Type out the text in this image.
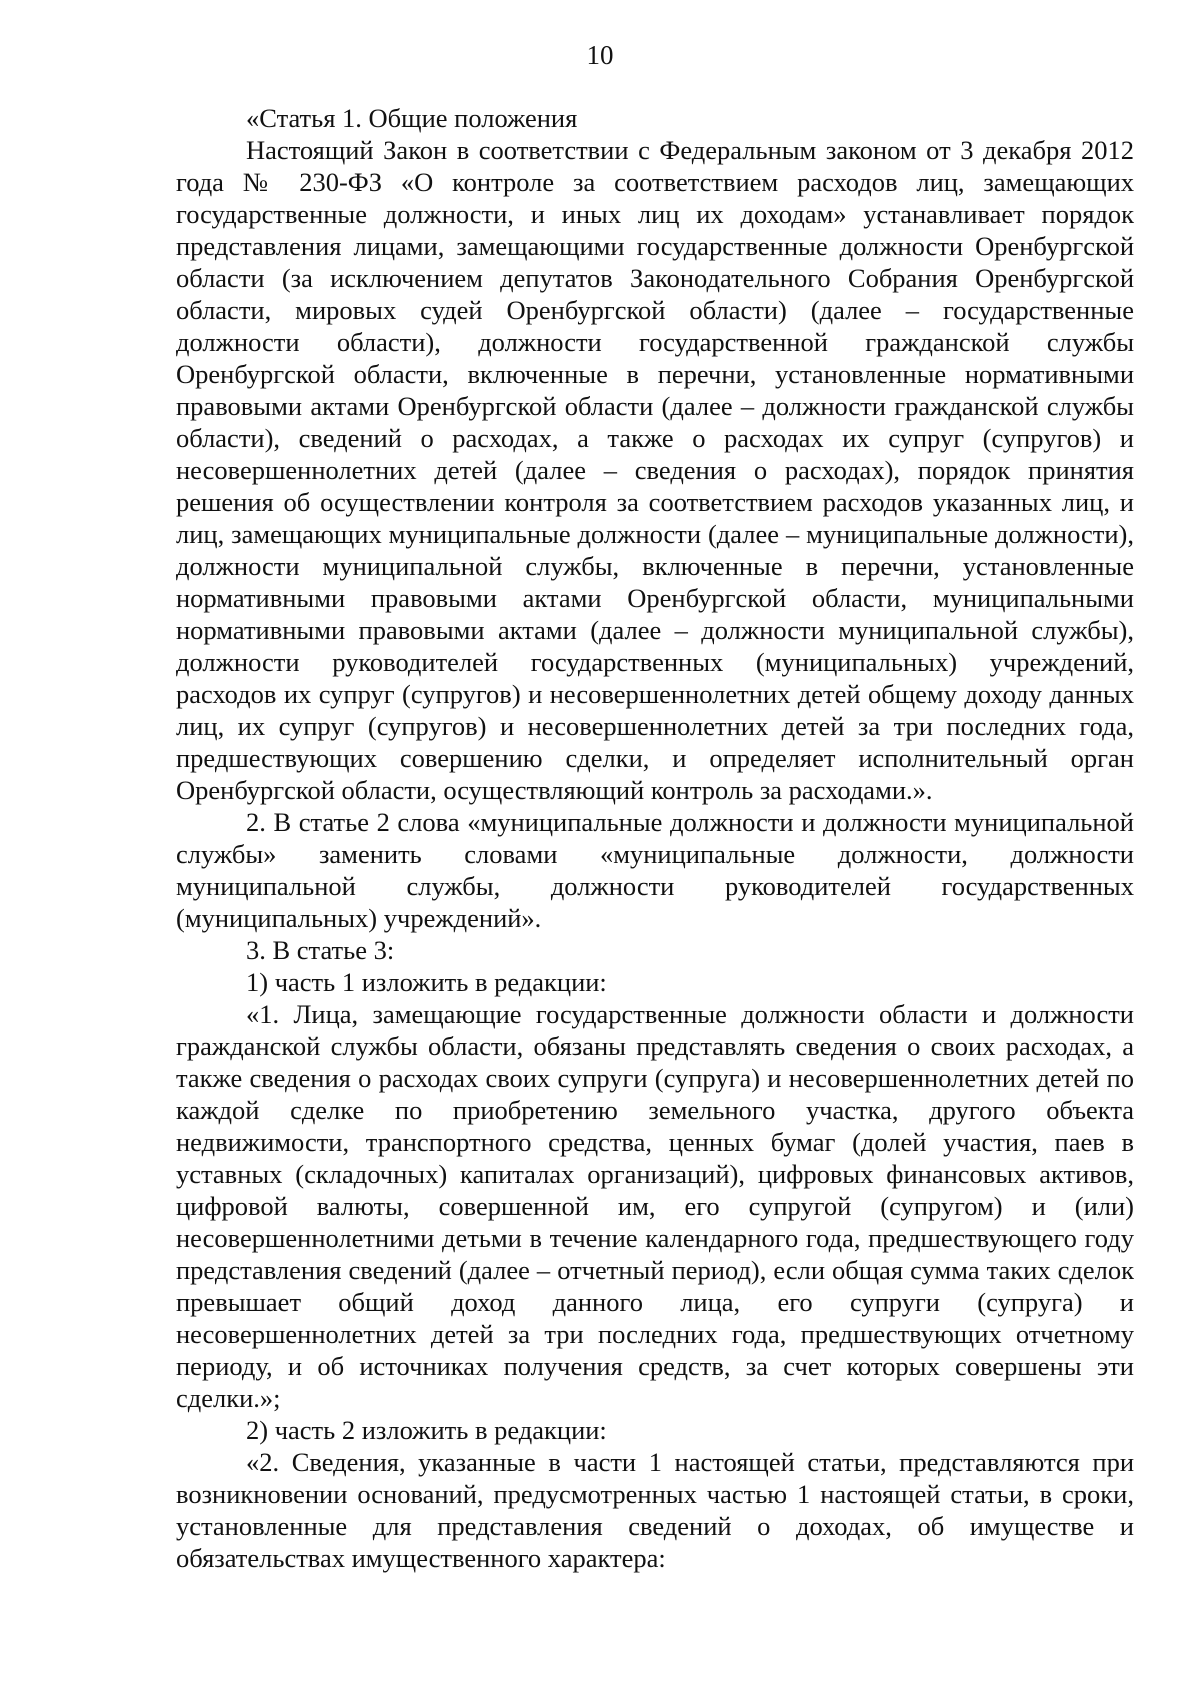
10

«Статья 1. Общие положения

Настоящий Закон в соответствии с Федеральным законом от 3 декабря 2012 года № 230-ФЗ «О контроле за соответствием расходов лиц, замещающих государственные должности, и иных лиц их доходам» устанавливает порядок представления лицами, замещающими государственные должности Оренбургской области (за исключением депутатов Законодательного Собрания Оренбургской области, мировых судей Оренбургской области) (далее – государственные должности области), должности государственной гражданской службы Оренбургской области, включенные в перечни, установленные нормативными правовыми актами Оренбургской области (далее – должности гражданской службы области), сведений о расходах, а также о расходах их супруг (супругов) и несовершеннолетних детей (далее – сведения о расходах), порядок принятия решения об осуществлении контроля за соответствием расходов указанных лиц, и лиц, замещающих муниципальные должности (далее – муниципальные должности), должности муниципальной службы, включенные в перечни, установленные нормативными правовыми актами Оренбургской области, муниципальными нормативными правовыми актами (далее – должности муниципальной службы), должности руководителей государственных (муниципальных) учреждений, расходов их супруг (супругов) и несовершеннолетних детей общему доходу данных лиц, их супруг (супругов) и несовершеннолетних детей за три последних года, предшествующих совершению сделки, и определяет исполнительный орган Оренбургской области, осуществляющий контроль за расходами.».

2. В статье 2 слова «муниципальные должности и должности муниципальной службы» заменить словами «муниципальные должности, должности муниципальной службы, должности руководителей государственных (муниципальных) учреждений».

3. В статье 3:

1) часть 1 изложить в редакции:

«1. Лица, замещающие государственные должности области и должности гражданской службы области, обязаны представлять сведения о своих расходах, а также сведения о расходах своих супруги (супруга) и несовершеннолетних детей по каждой сделке по приобретению земельного участка, другого объекта недвижимости, транспортного средства, ценных бумаг (долей участия, паев в уставных (складочных) капиталах организаций), цифровых финансовых активов, цифровой валюты, совершенной им, его супругой (супругом) и (или) несовершеннолетними детьми в течение календарного года, предшествующего году представления сведений (далее – отчетный период), если общая сумма таких сделок превышает общий доход данного лица, его супруги (супруга) и несовершеннолетних детей за три последних года, предшествующих отчетному периоду, и об источниках получения средств, за счет которых совершены эти сделки.»;

2) часть 2 изложить в редакции:

«2. Сведения, указанные в части 1 настоящей статьи, представляются при возникновении оснований, предусмотренных частью 1 настоящей статьи, в сроки, установленные для представления сведений о доходах, об имуществе и обязательствах имущественного характера:
